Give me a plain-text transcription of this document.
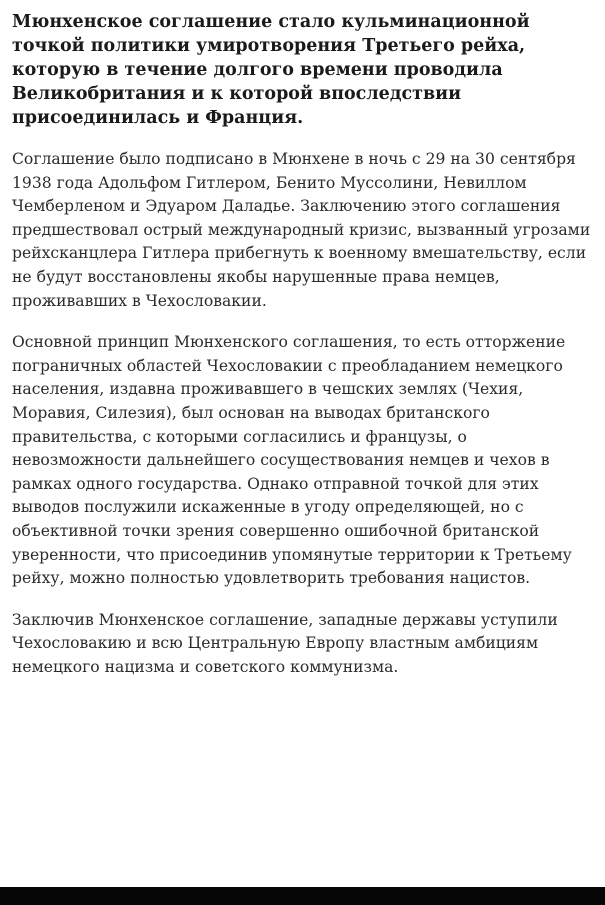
Мюнхенское соглашение стало кульминационной точкой политики умиротворения Третьего рейха, которую в течение долгого времени проводила Великобритания и к которой впоследствии присоединилась и Франция.

Соглашение было подписано в Мюнхене в ночь с 29 на 30 сентября 1938 года Адольфом Гитлером, Бенито Муссолини, Невиллом Чемберленом и Эдуаром Даладье. Заключению этого соглашения предшествовал острый международный кризис, вызванный угрозами рейхсканцлера Гитлера прибегнуть к военному вмешательству, если не будут восстановлены якобы нарушенные права немцев, проживавших в Чехословакии.

Основной принцип Мюнхенского соглашения, то есть отторжение пограничных областей Чехословакии с преобладанием немецкого населения, издавна проживавшего в чешских землях (Чехия, Моравия, Силезия), был основан на выводах британского правительства, с которыми согласились и французы, о невозможности дальнейшего сосуществования немцев и чехов в рамках одного государства. Однако отправной точкой для этих выводов послужили искаженные в угоду определяющей, но с объективной точки зрения совершенно ошибочной британской уверенности, что присоединив упомянутые территории к Третьему рейху, можно полностью удовлетворить требования нацистов.

Заключив Мюнхенское соглашение, западные державы уступили Чехословакию и всю Центральную Европу властным амбициям немецкого нацизма и советского коммунизма.
